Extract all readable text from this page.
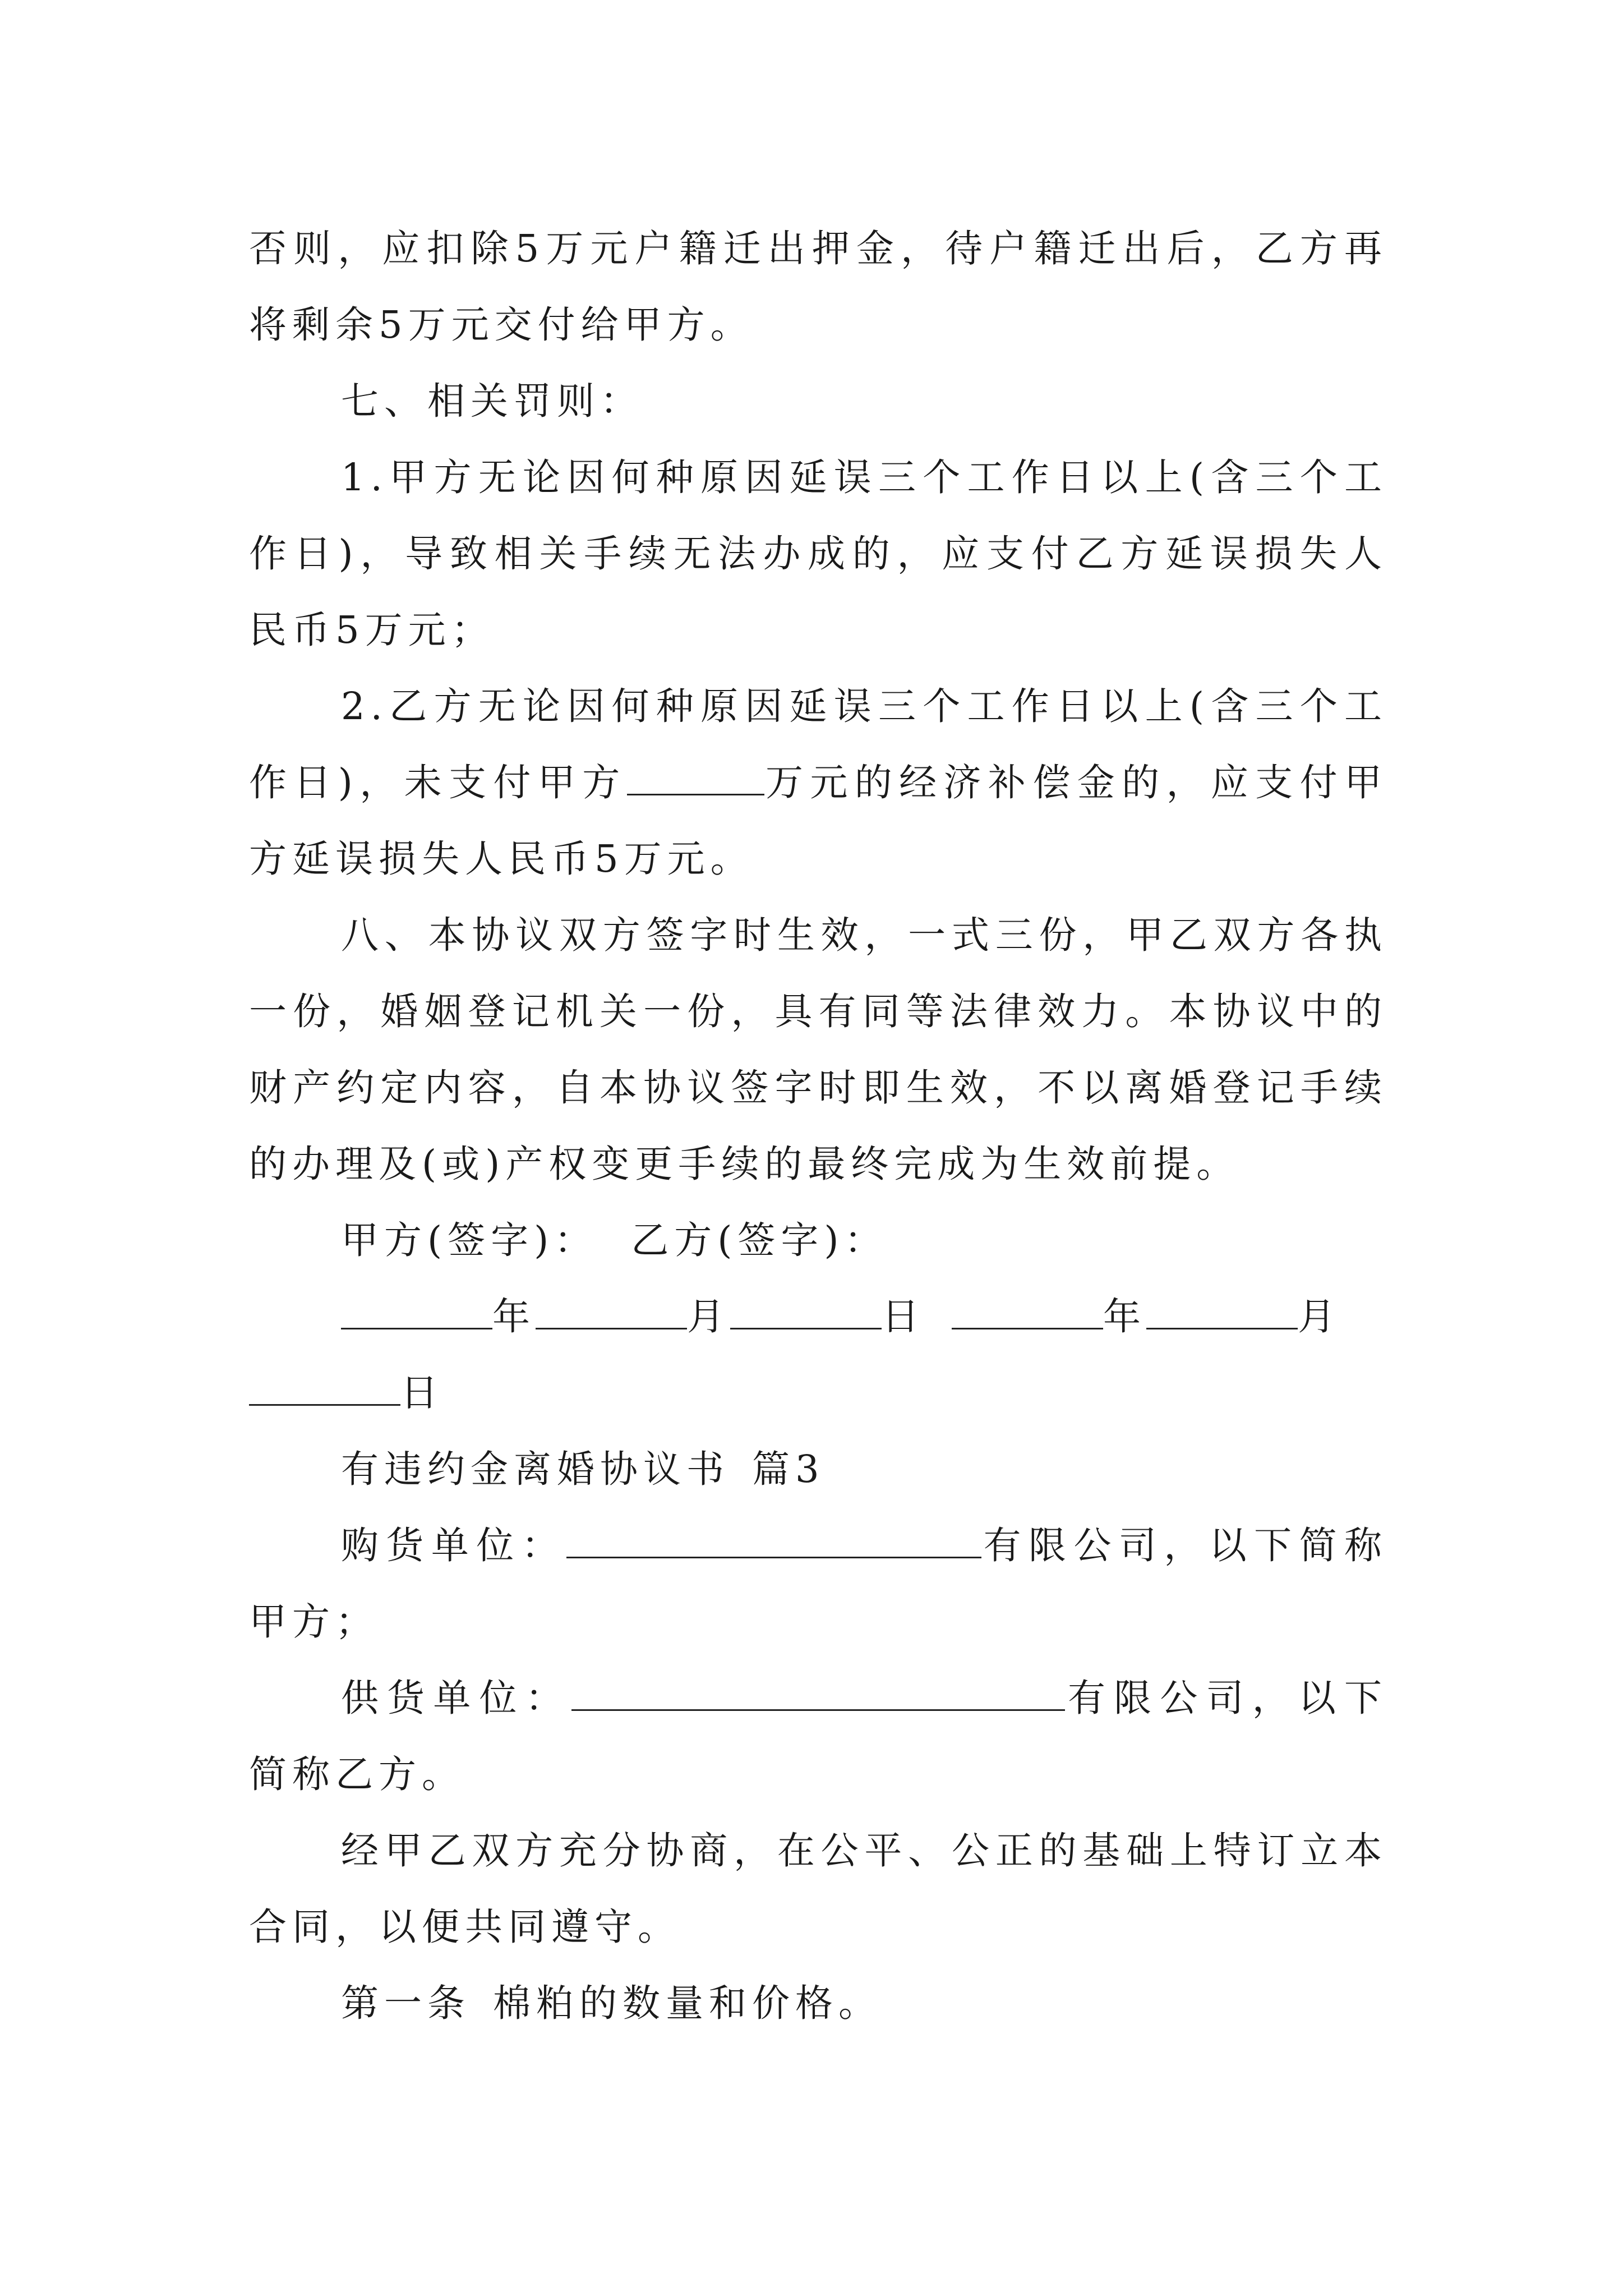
否则，应扣除5万元户籍迁出押金，待户籍迁出后，乙方再将剩余5万元交付给甲方。

七、相关罚则：

1.甲方无论因何种原因延误三个工作日以上(含三个工作日)，导致相关手续无法办成的，应支付乙方延误损失人民币5万元；

2.乙方无论因何种原因延误三个工作日以上(含三个工作日)，未支付甲方	万元的经济补偿金的，应支付甲方延误损失人民币5万元。

八、本协议双方签字时生效，一式三份，甲乙双方各执一份，婚姻登记机关一份，具有同等法律效力。本协议中的财产约定内容，自本协议签字时即生效，不以离婚登记手续的办理及(或)产权变更手续的最终完成为生效前提。

甲方(签字)： 乙方(签字)：

年	月	日	年	月

日

有违约金离婚协议书 篇3

购货单位：	有限公司，以下简称甲方；

供货单位：	有限公司，以下简称乙方。

经甲乙双方充分协商，在公平、公正的基础上特订立本合同，以便共同遵守。

第一条 棉粕的数量和价格。
